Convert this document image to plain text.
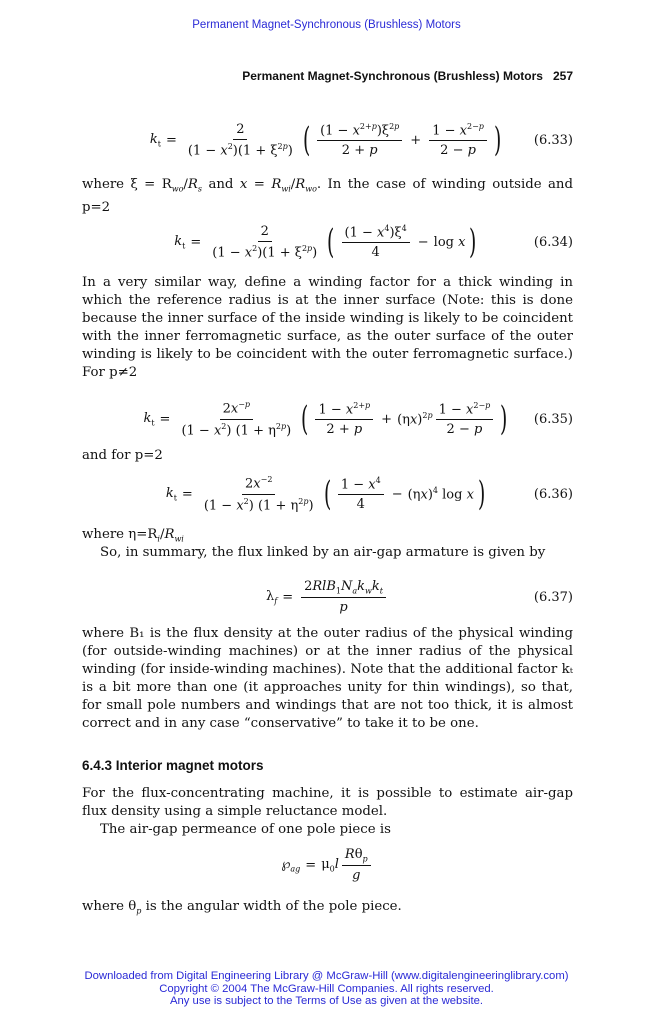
Permanent Magnet-Synchronous (Brushless) Motors
Permanent Magnet-Synchronous (Brushless) Motors 257
$k_t = \frac{2}{(1 - x^2)(1 + \xi^{2p})}$ ( $\frac{(1 - x^{2+p})\xi^{2p}}{2 + p} + \frac{1 - x^{2-p}}{2 - p}$ )	(6.33)
where $\xi = R_{wo}/R_s$ and $x = R_{wi}/R_{wo}$. In the case of winding outside and p=2
$k_t = \frac{2}{(1 - x^2)(1 + \xi^{2p})}$ ( $\frac{(1 - x^4)\xi^4}{4} - \log x$ )	(6.34)
In a very similar way, define a winding factor for a thick winding in which the reference radius is at the inner surface (Note: this is done because the inner surface of the inside winding is likely to be coincident with the inner ferromagnetic surface, as the outer surface of the outer winding is likely to be coincident with the outer ferromagnetic surface.) For p≠2
$k_t = \frac{2x^{-p}}{(1 - x^2) (1 + \eta^{2p})}$ ( $\frac{1 - x^{2+p}}{2 + p} + (\eta x)^{2p} \frac{1 - x^{2-p}}{2 - p}$ ) (6.35)
and for p=2
$k_t = \frac{2x^{-2}}{(1 - x^2) (1 + \eta^{2p})}$ ( $\frac{1 - x^4}{4} - (\eta x)^4$ log x )	(6.36)
where $\eta=R_i/R_{wi}$
So, in summary, the flux linked by an air-gap armature is given by
$\lambda_f = \frac{2RlB_1N_ak_wk_t}{p}$	(6.37)
where B₁ is the flux density at the outer radius of the physical winding (for outside-winding machines) or at the inner radius of the physical winding (for inside-winding machines). Note that the additional factor kₜ is a bit more than one (it approaches unity for thin windings), so that, for small pole numbers and windings that are not too thick, it is almost correct and in any case “conservative” to take it to be one.
6.4.3 Interior magnet motors
For the flux-concentrating machine, it is possible to estimate air-gap flux density using a simple reluctance model.
The air-gap permeance of one pole piece is
$℘_{ag} = \mu_0l \frac{R\theta_p}{g}$
where $\theta_p$ is the angular width of the pole piece.
Downloaded from Digital Engineering Library @ McGraw-Hill (www.digitalengineeringlibrary.com)
Copyright © 2004 The McGraw-Hill Companies. All rights reserved.
Any use is subject to the Terms of Use as given at the website.
